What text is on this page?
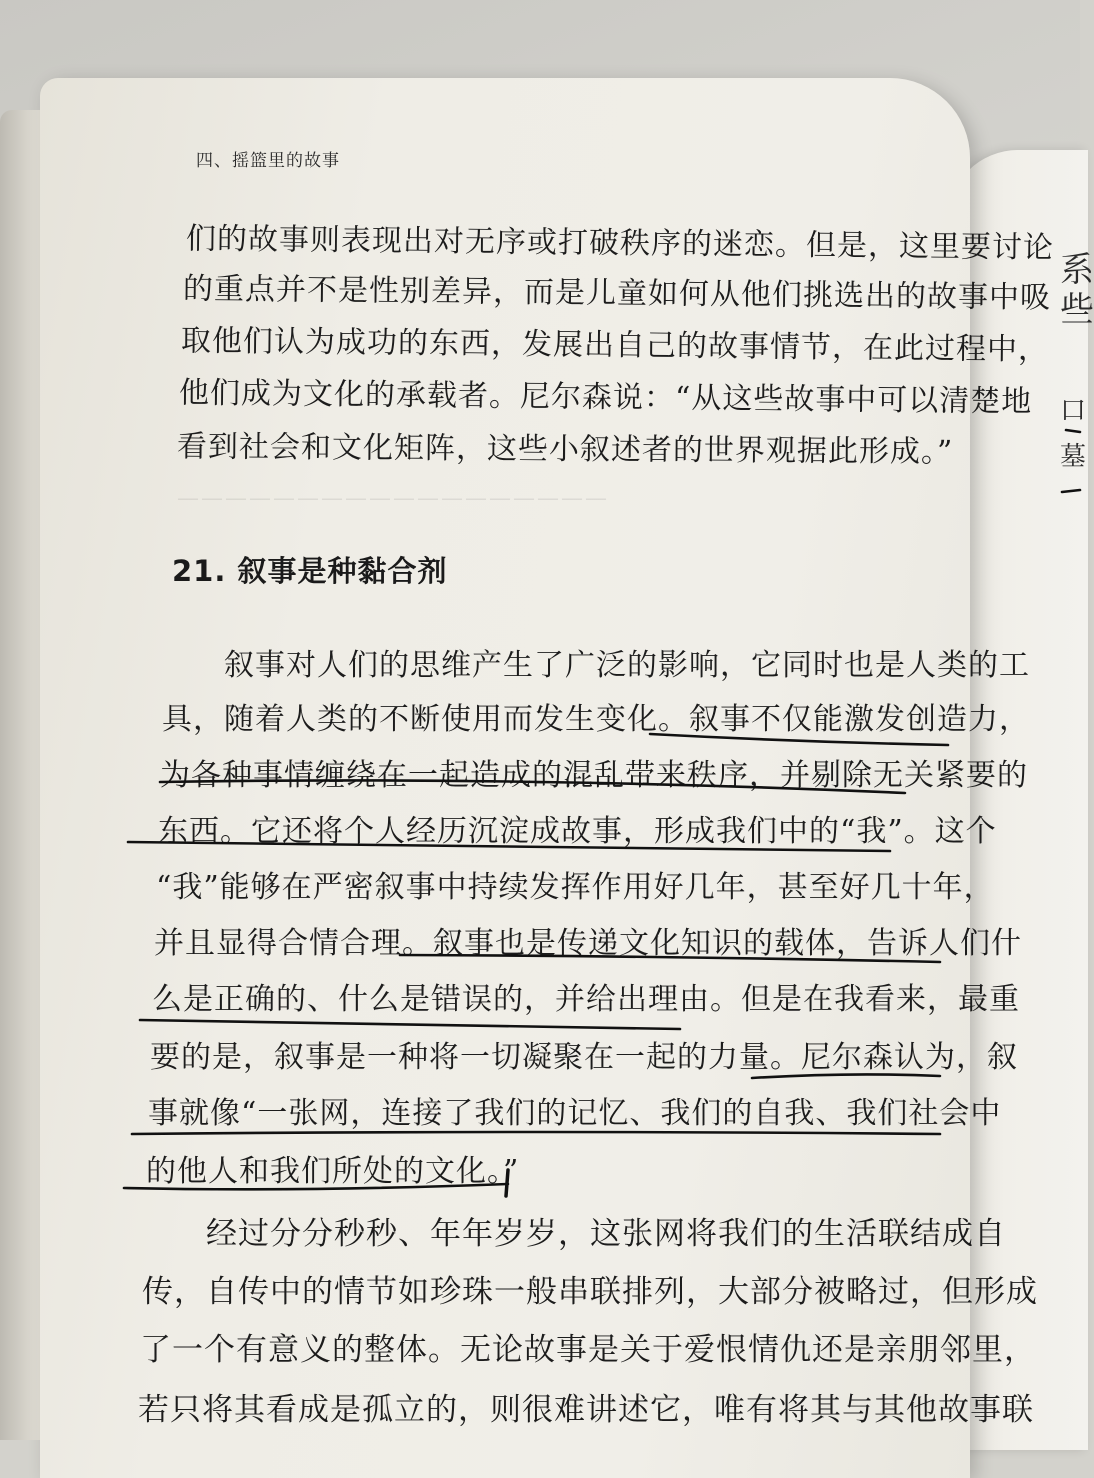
系
些
口
墓
——————————————————
四、摇篮里的故事
们的故事则表现出对无序或打破秩序的迷恋。但是，这里要讨论
的重点并不是性别差异，而是儿童如何从他们挑选出的故事中吸
取他们认为成功的东西，发展出自己的故事情节，在此过程中，
他们成为文化的承载者。尼尔森说：“从这些故事中可以清楚地
看到社会和文化矩阵，这些小叙述者的世界观据此形成。”
21. 叙事是种黏合剂
叙事对人们的思维产生了广泛的影响，它同时也是人类的工
具，随着人类的不断使用而发生变化。叙事不仅能激发创造力，
为各种事情缠绕在一起造成的混乱带来秩序，并剔除无关紧要的
东西。它还将个人经历沉淀成故事，形成我们中的“我”。这个
“我”能够在严密叙事中持续发挥作用好几年，甚至好几十年，
并且显得合情合理。叙事也是传递文化知识的载体，告诉人们什
么是正确的、什么是错误的，并给出理由。但是在我看来，最重
要的是，叙事是一种将一切凝聚在一起的力量。尼尔森认为，叙
事就像“一张网，连接了我们的记忆、我们的自我、我们社会中
的他人和我们所处的文化。”
经过分分秒秒、年年岁岁，这张网将我们的生活联结成自
传，自传中的情节如珍珠一般串联排列，大部分被略过，但形成
了一个有意义的整体。无论故事是关于爱恨情仇还是亲朋邻里，
若只将其看成是孤立的，则很难讲述它，唯有将其与其他故事联
